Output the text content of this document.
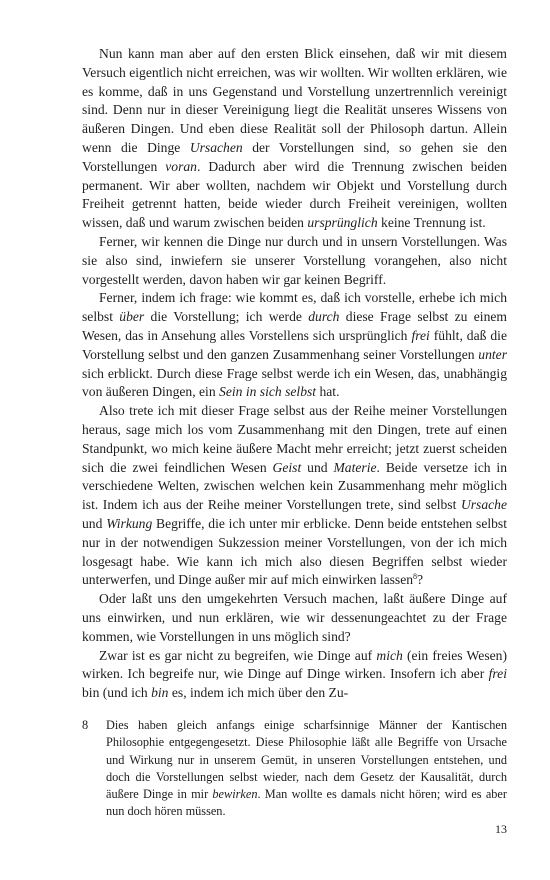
Nun kann man aber auf den ersten Blick einsehen, daß wir mit diesem Versuch eigentlich nicht erreichen, was wir wollten. Wir wollten erklären, wie es komme, daß in uns Gegenstand und Vorstellung unzertrennlich vereinigt sind. Denn nur in dieser Vereinigung liegt die Realität unseres Wissens von äußeren Dingen. Und eben diese Realität soll der Philosoph dartun. Allein wenn die Dinge Ursachen der Vorstellungen sind, so gehen sie den Vorstellungen voran. Dadurch aber wird die Trennung zwischen beiden permanent. Wir aber wollten, nachdem wir Objekt und Vorstellung durch Freiheit getrennt hatten, beide wieder durch Freiheit vereinigen, wollten wissen, daß und warum zwischen beiden ursprünglich keine Trennung ist.

Ferner, wir kennen die Dinge nur durch und in unsern Vorstellungen. Was sie also sind, inwiefern sie unserer Vorstellung vorangehen, also nicht vorgestellt werden, davon haben wir gar keinen Begriff.

Ferner, indem ich frage: wie kommt es, daß ich vorstelle, erhebe ich mich selbst über die Vorstellung; ich werde durch diese Frage selbst zu einem Wesen, das in Ansehung alles Vorstellens sich ursprünglich frei fühlt, daß die Vorstellung selbst und den ganzen Zusammenhang seiner Vorstellungen unter sich erblickt. Durch diese Frage selbst werde ich ein Wesen, das, unabhängig von äußeren Dingen, ein Sein in sich selbst hat.

Also trete ich mit dieser Frage selbst aus der Reihe meiner Vorstellungen heraus, sage mich los vom Zusammenhang mit den Dingen, trete auf einen Standpunkt, wo mich keine äußere Macht mehr erreicht; jetzt zuerst scheiden sich die zwei feindlichen Wesen Geist und Materie. Beide versetze ich in verschiedene Welten, zwischen welchen kein Zusammenhang mehr möglich ist. Indem ich aus der Reihe meiner Vorstellungen trete, sind selbst Ursache und Wirkung Begriffe, die ich unter mir erblicke. Denn beide entstehen selbst nur in der notwendigen Sukzession meiner Vorstellungen, von der ich mich losgesagt habe. Wie kann ich mich also diesen Begriffen selbst wieder unterwerfen, und Dinge außer mir auf mich einwirken lassen$^8$?

Oder laßt uns den umgekehrten Versuch machen, laßt äußere Dinge auf uns einwirken, und nun erklären, wie wir dessenungeachtet zu der Frage kommen, wie Vorstellungen in uns möglich sind?

Zwar ist es gar nicht zu begreifen, wie Dinge auf mich (ein freies Wesen) wirken. Ich begreife nur, wie Dinge auf Dinge wirken. Insofern ich aber frei bin (und ich bin es, indem ich mich über den Zu-

8 Dies haben gleich anfangs einige scharfsinnige Männer der Kantischen Philosophie entgegengesetzt. Diese Philosophie läßt alle Begriffe von Ursache und Wirkung nur in unserem Gemüt, in unseren Vorstellungen entstehen, und doch die Vorstellungen selbst wieder, nach dem Gesetz der Kausalität, durch äußere Dinge in mir bewirken. Man wollte es damals nicht hören; wird es aber nun doch hören müssen.
13
